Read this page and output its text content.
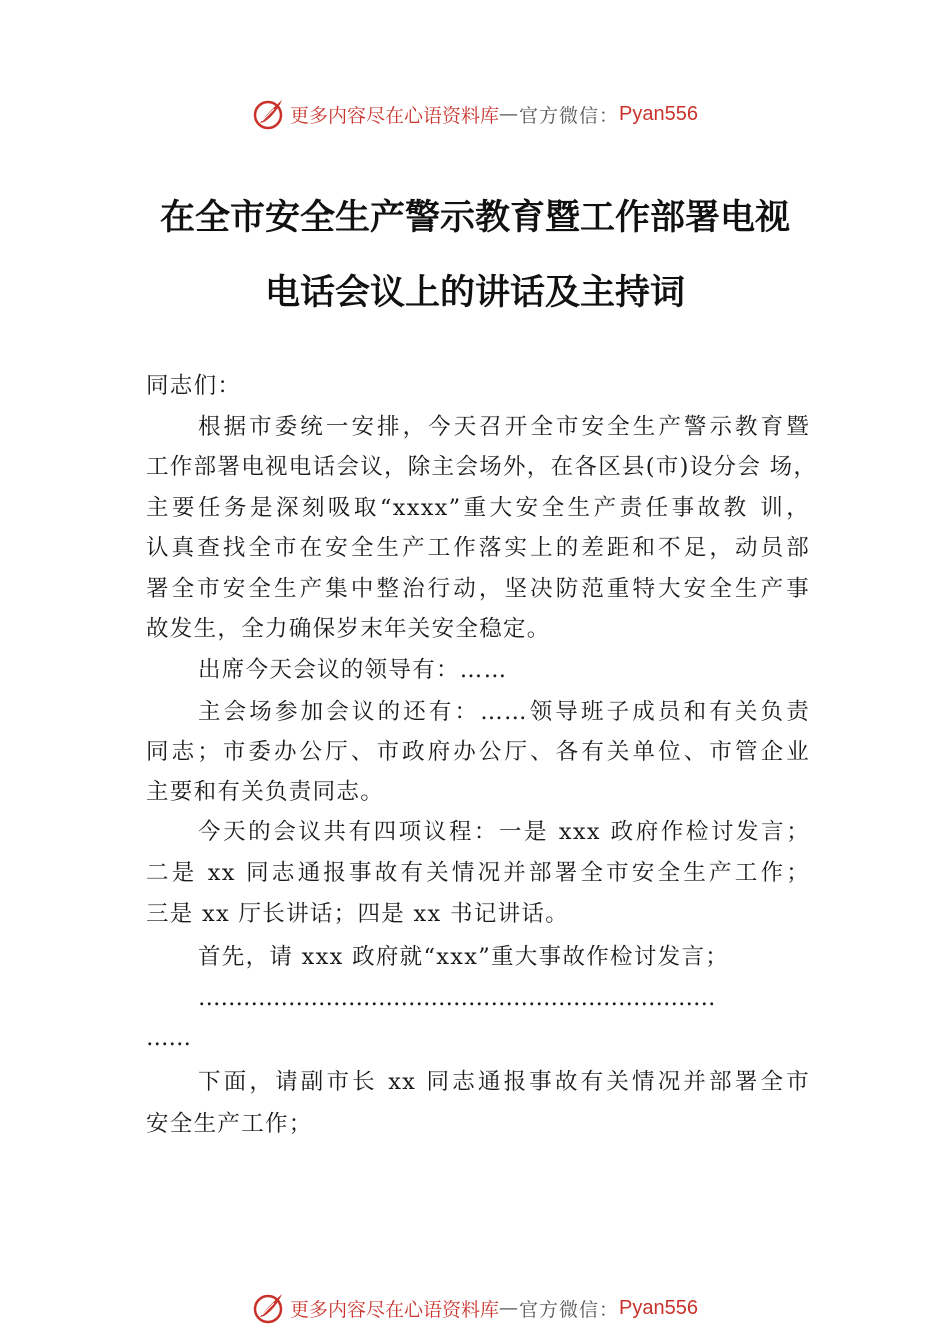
更多内容尽在心语资料库 — 官方微信： Pyan556
在全市安全生产警示教育暨工作部署电视
电话会议上的讲话及主持词
同志们：
根据市委统一安排，今天召开全市安全生产警示教育暨
工作部署电视电话会议，除主会场外，在各区县(市)设分会 场，
主要任务是深刻吸取“xxxx”重大安全生产责任事故教 训，
认真查找全市在安全生产工作落实上的差距和不足，动员部
署全市安全生产集中整治行动，坚决防范重特大安全生产事
故发生，全力确保岁末年关安全稳定。
出席今天会议的领导有：……
主会场参加会议的还有：……领导班子成员和有关负责
同志；市委办公厅、市政府办公厅、各有关单位、市管企业
主要和有关负责同志。
今天的会议共有四项议程：一是 xxx 政府作检讨发言；
二是 xx 同志通报事故有关情况并部署全市安全生产工作；
三是 xx 厅长讲话；四是 xx 书记讲话。
首先，请 xxx 政府就“xxx”重大事故作检讨发言；
……………………………………………………………
……
下面，请副市长 xx 同志通报事故有关情况并部署全市
安全生产工作；
更多内容尽在心语资料库 — 官方微信： Pyan556
